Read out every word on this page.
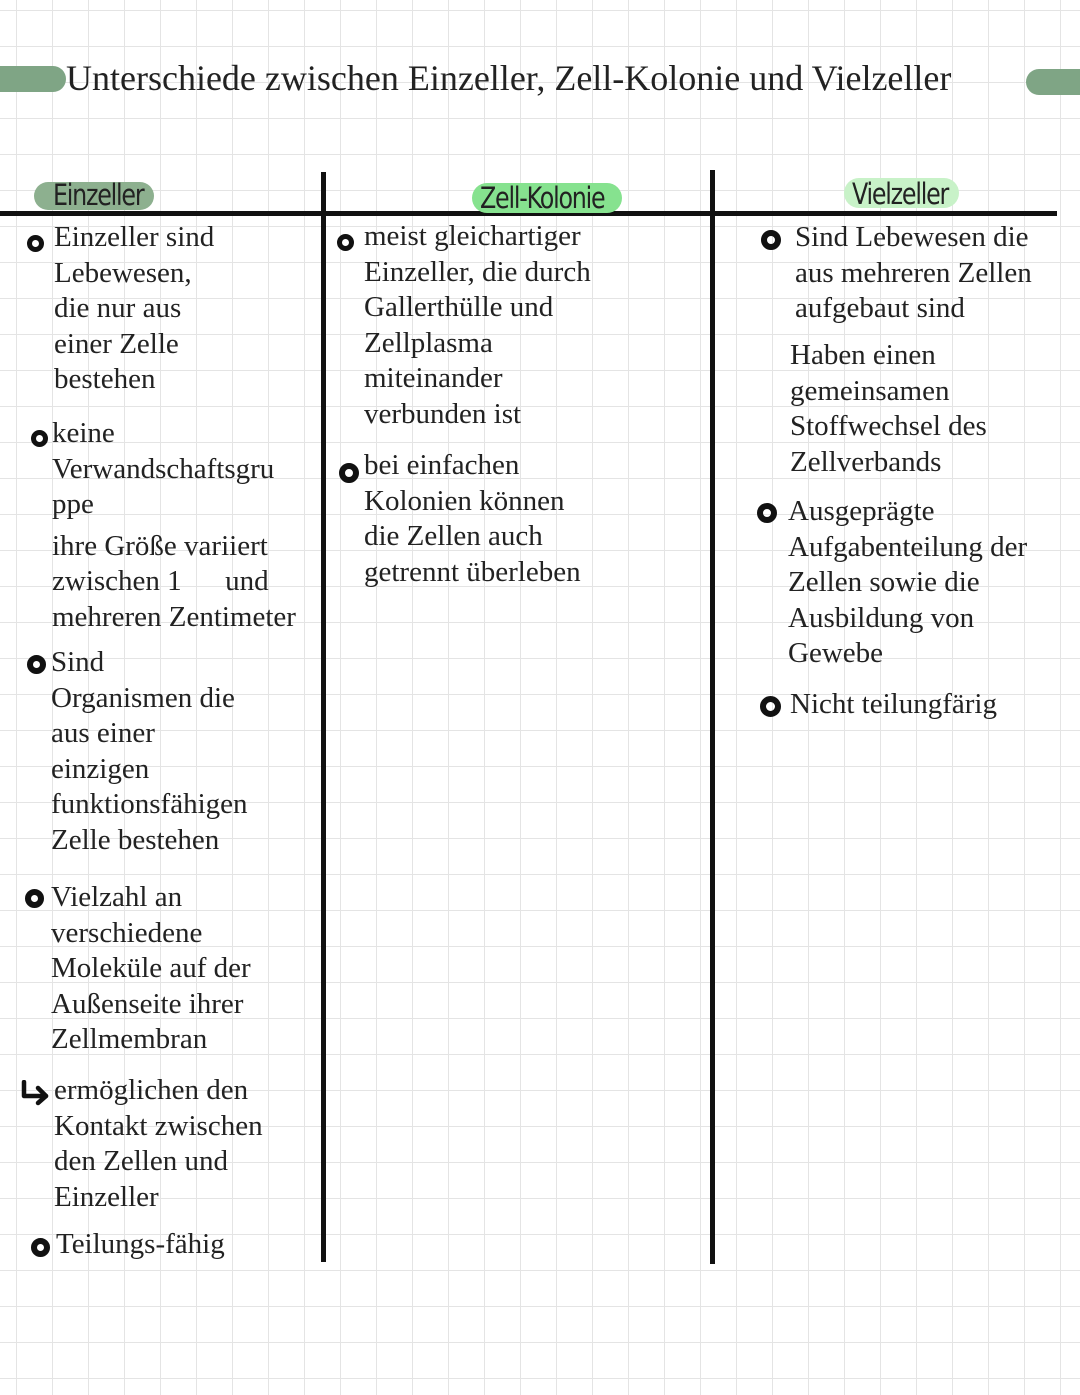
Unterschiede zwischen Einzeller, Zell-Kolonie und Vielzeller
Einzeller	Zell-Kolonie	Vielzeller
Einzeller sind
Lebewesen,
die nur aus
einer Zelle
bestehen
keine
Verwandschaftsgru
ppe
ihre Größe variiert
zwischen 1      und
mehreren Zentimeter
Sind
Organismen die
aus einer
einzigen
funktionsfähigen
Zelle bestehen
Vielzahl an
verschiedene
Moleküle auf der
Außenseite ihrer
Zellmembran
ermöglichen den
Kontakt zwischen
den Zellen und
Einzeller
Teilungs-fähig
meist gleichartiger
Einzeller, die durch
Gallerthülle und
Zellplasma
miteinander
verbunden ist
bei einfachen
Kolonien können
die Zellen auch
getrennt überleben
Sind Lebewesen die
aus mehreren Zellen
aufgebaut sind
Haben einen
gemeinsamen
Stoffwechsel des
Zellverbands
Ausgeprägte
Aufgabenteilung der
Zellen sowie die
Ausbildung von
Gewebe
Nicht teilungfärig
